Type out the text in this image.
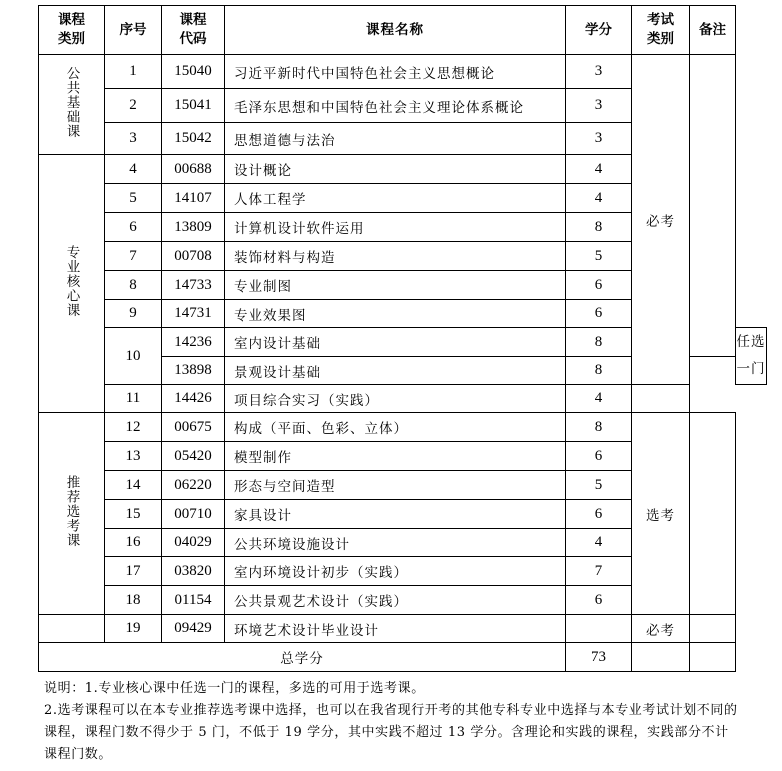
课程类别	序号	课程代码	课程名称	学分	考试类别	备注	
公共基础课	1	15040	习近平新时代中国特色社会主义思想概论	3	必考		
	2	15041	毛泽东思想和中国特色社会主义理论体系概论	3			
	3	15042	思想道德与法治	3			
专业核心课	4	00688	设计概论	4			
	5	14107	人体工程学	4			
	6	13809	计算机设计软件运用	8			
	7	00708	装饰材料与构造	5			
	8	14733	专业制图	6			
	9	14731	专业效果图	6			
	10	14236	室内设计基础	8			任选一门

		13898	景观设计基础	8			
	11	14426	项目综合实习（实践）	4			
推荐选考课	12	00675	构成（平面、色彩、立体）	8	选考		
	13	05420	模型制作	6			
	14	06220	形态与空间造型	5			
	15	00710	家具设计	6			
	16	04029	公共环境设施设计	4			
	17	03820	室内环境设计初步（实践）	7			
	18	01154	公共景观艺术设计（实践）	6			
	19	09429	环境艺术设计毕业设计		必考		
总学分				73			

说明：1.专业核心课中任选一门的课程，多选的可用于选考课。

2.选考课程可以在本专业推荐选考课中选择，也可以在我省现行开考的其他专科专业中选择与本专业考试计划不同的课程，课程门数不得少于 5 门，不低于 19 学分，其中实践不超过 13 学分。含理论和实践的课程，实践部分不计课程门数。
